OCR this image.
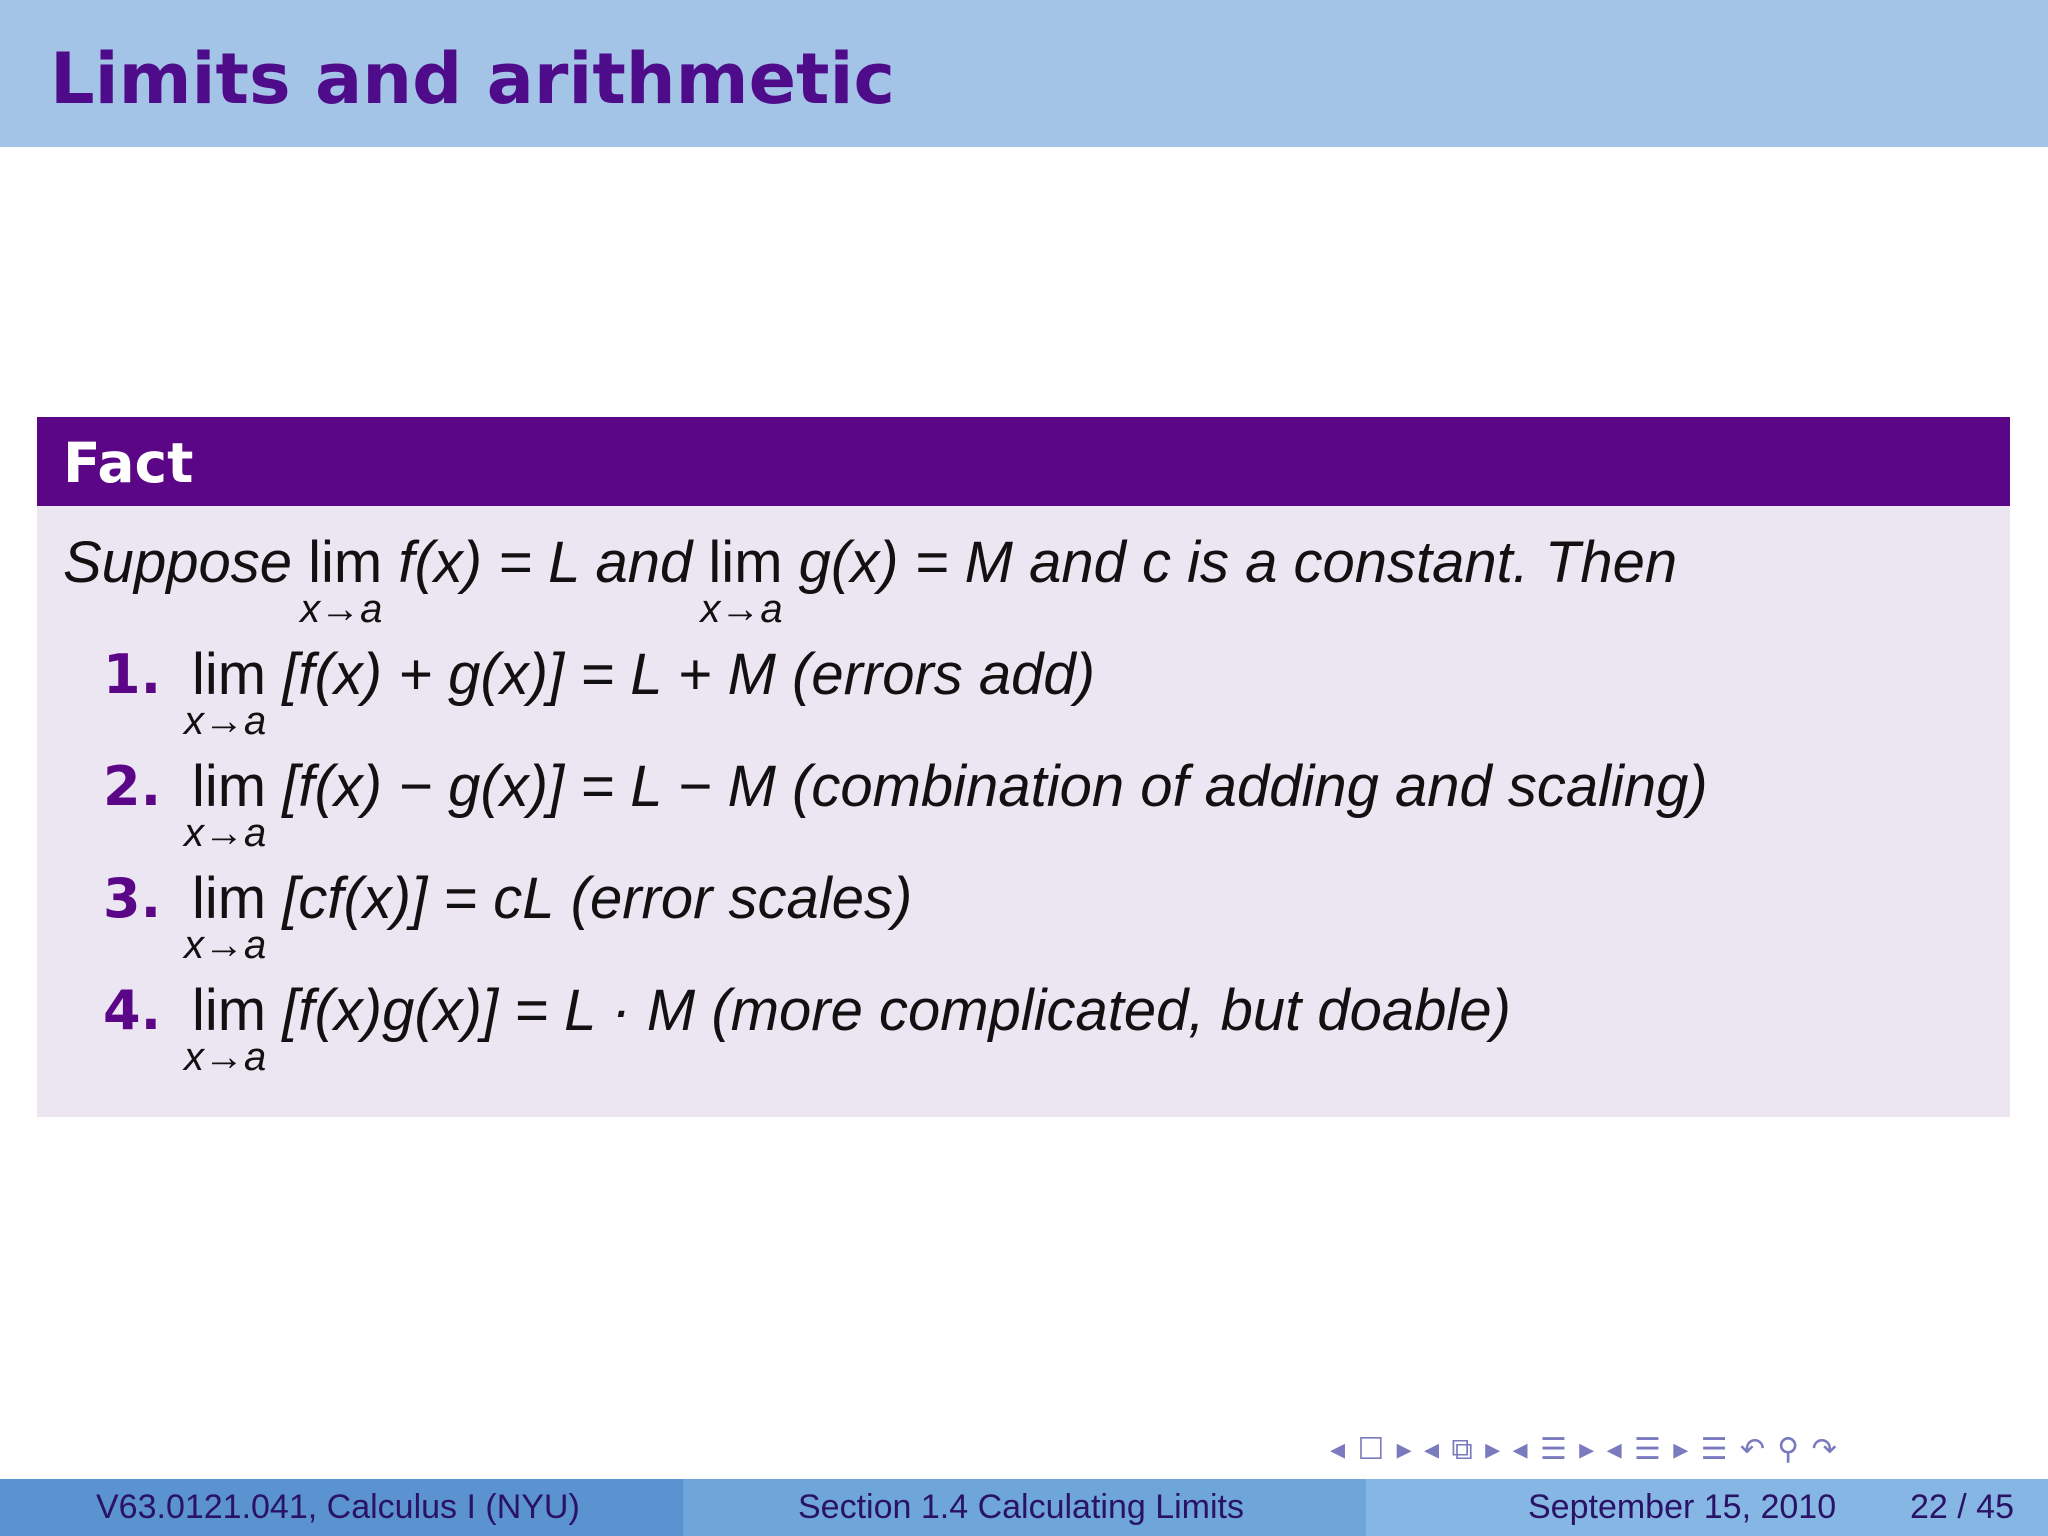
Limits and arithmetic
Fact
Suppose lim
x→a
f(x) = L and lim
x→a
g(x) = M and c is a constant. Then
1. lim
x→a
[f(x) + g(x)] = L + M (errors add)
2. lim
x→a
[f(x) − g(x)] = L − M (combination of adding and scaling)
3. lim
x→a
[cf(x)] = cL (error scales)
4. lim
x→a
[f(x)g(x)] = L · M (more complicated, but doable)
◂ ☐ ▸ ◂ ⧉ ▸ ◂ ☰ ▸ ◂ ☰ ▸ ☰ ↶ ⚲ ↷
V63.0121.041, Calculus I (NYU)	Section 1.4 Calculating Limits	September 15, 2010 22 / 45
